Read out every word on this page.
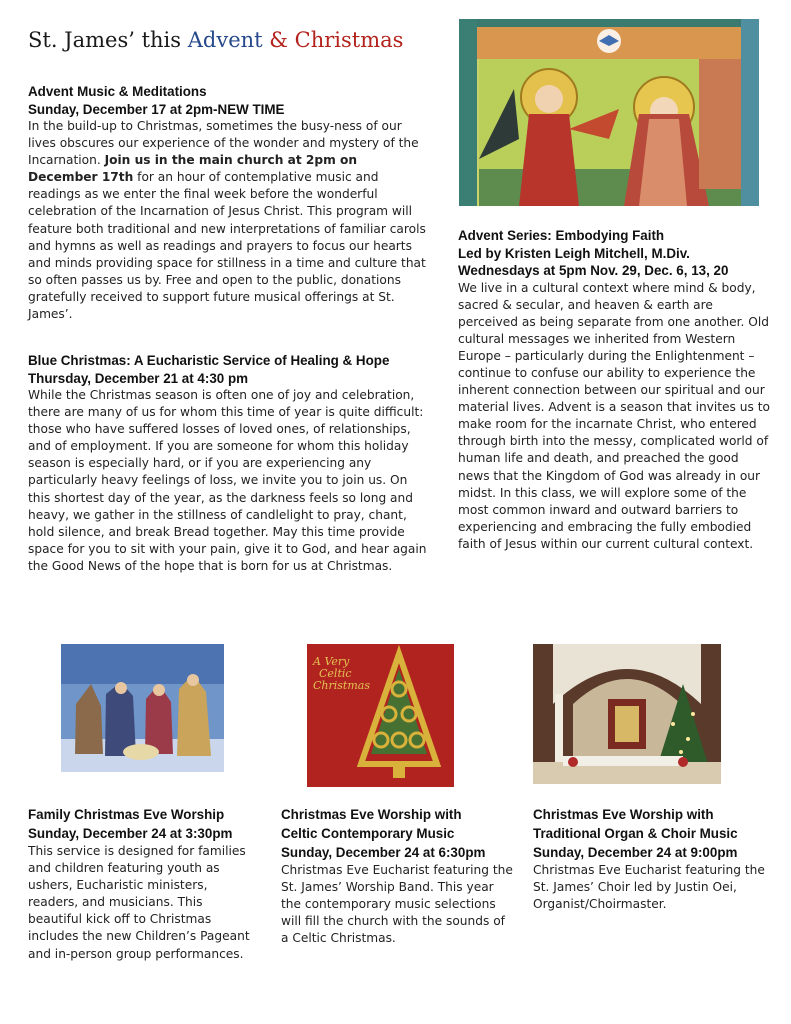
St. James’ this Advent & Christmas
Advent Music & Meditations
Sunday, December 17 at 2pm-NEW TIME
In the build-up to Christmas, sometimes the busy-ness of our lives obscures our experience of the wonder and mystery of the Incarnation. Join us in the main church at 2pm on December 17th for an hour of contemplative music and readings as we enter the final week before the wonderful celebration of the Incarnation of Jesus Christ. This program will feature both traditional and new interpretations of familiar carols and hymns as well as readings and prayers to focus our hearts and minds providing space for stillness in a time and culture that so often passes us by. Free and open to the public, donations gratefully received to support future musical offerings at St. James’.
Blue Christmas: A Eucharistic Service of Healing & Hope
Thursday, December 21 at 4:30 pm
While the Christmas season is often one of joy and celebration, there are many of us for whom this time of year is quite difficult: those who have suffered losses of loved ones, of relationships, and of employment. If you are someone for whom this holiday season is especially hard, or if you are experiencing any particularly heavy feelings of loss, we invite you to join us. On this shortest day of the year, as the darkness feels so long and heavy, we gather in the stillness of candlelight to pray, chant, hold silence, and break Bread together. May this time provide space for you to sit with your pain, give it to God, and hear again the Good News of the hope that is born for us at Christmas.
Advent Series: Embodying Faith
Led by Kristen Leigh Mitchell, M.Div.
Wednesdays at 5pm Nov. 29, Dec. 6, 13, 20
We live in a cultural context where mind & body, sacred & secular, and heaven & earth are perceived as being separate from one another. Old cultural messages we inherited from Western Europe – particularly during the Enlightenment – continue to confuse our ability to experience the inherent connection between our spiritual and our material lives. Advent is a season that invites us to make room for the incarnate Christ, who entered through birth into the messy, complicated world of human life and death, and preached the good news that the Kingdom of God was already in our midst. In this class, we will explore some of the most common inward and outward barriers to experiencing and embracing the fully embodied faith of Jesus within our current cultural context.
A Very
Celtic
Christmas
Family Christmas Eve Worship
Sunday, December 24 at 3:30pm
This service is designed for families and children featuring youth as ushers, Eucharistic ministers, readers, and musicians. This beautiful kick off to Christmas includes the new Children’s Pageant and in-person group performances.
Christmas Eve Worship with
Celtic Contemporary Music
Sunday, December 24 at 6:30pm
Christmas Eve Eucharist featuring the St. James’ Worship Band. This year the contemporary music selections will fill the church with the sounds of a Celtic Christmas.
Christmas Eve Worship with
Traditional Organ & Choir Music
Sunday, December 24 at 9:00pm
Christmas Eve Eucharist featuring the St. James’ Choir led by Justin Oei, Organist/Choirmaster.
